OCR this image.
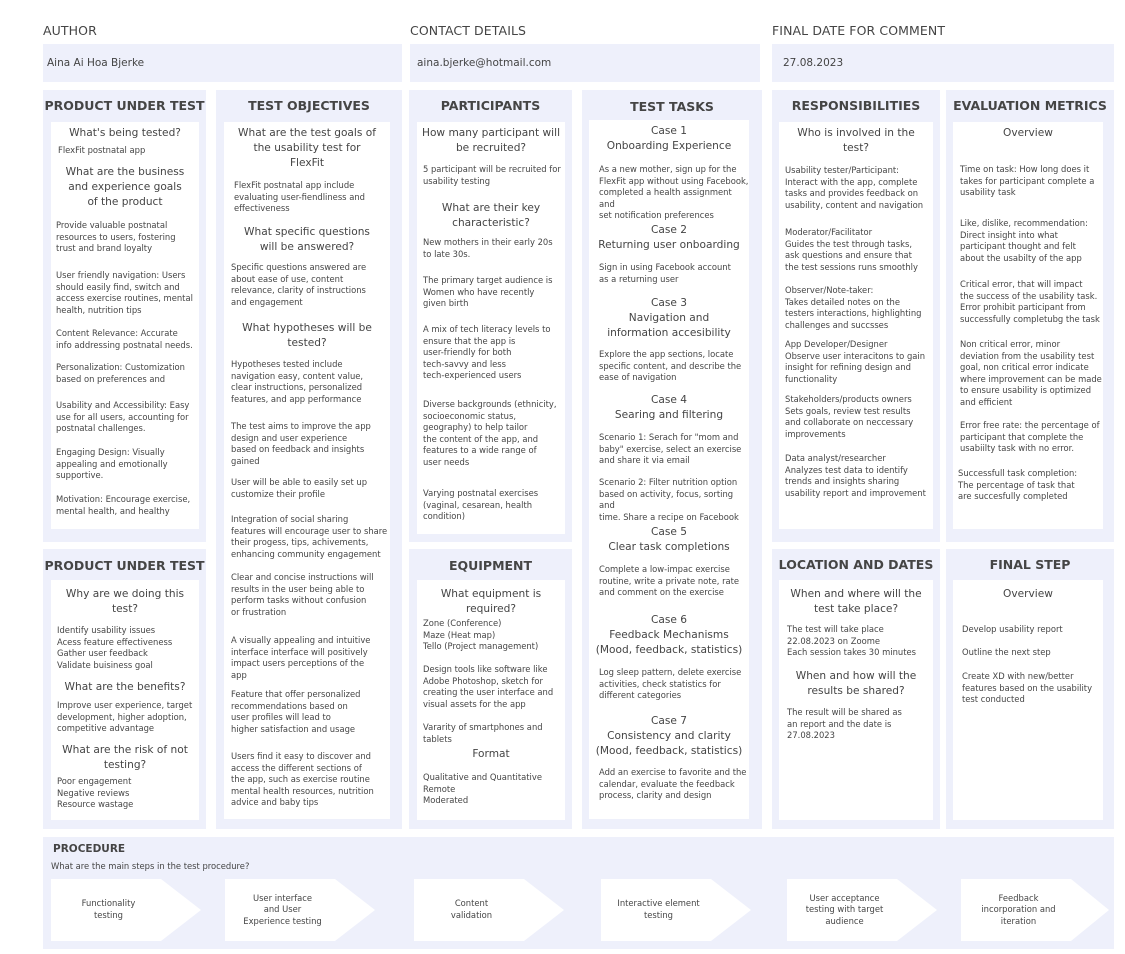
AUTHOR
Aina Ai Hoa Bjerke
CONTACT DETAILS
aina.bjerke@hotmail.com
FINAL DATE FOR COMMENT
27.08.2023
PRODUCT UNDER TEST
What's being tested?
FlexFit postnatal app
What are the business
and experience goals
of the product
Provide valuable postnatal
resources to users, fostering
trust and brand loyalty
User friendly navigation: Users
should easily find, switch and
access exercise routines, mental
health, nutrition tips
Content Relevance: Accurate
info addressing postnatal needs.
Personalization: Customization
based on preferences and
Usability and Accessibility: Easy
use for all users, accounting for
postnatal challenges.
Engaging Design: Visually
appealing and emotionally
supportive.
Motivation: Encourage exercise,
mental health, and healthy
PRODUCT UNDER TEST
Why are we doing this
test?
Identify usability issues
Acess feature effectiveness
Gather user feedback
Validate buisiness goal
What are the benefits?
Improve user experience, target
development, higher adoption,
competitive advantage
What are the risk of not
testing?
Poor engagement
Negative reviews
Resource wastage
TEST OBJECTIVES
What are the test goals of
the usability test for
FlexFit
FlexFit postnatal app include
evaluating user-fiendliness and
effectiveness
What specific questions
will be answered?
Specific questions answered are
about ease of use, content
relevance, clarity of instructions
and engagement
What hypotheses will be
tested?
Hypotheses tested include
navigation easy, content value,
clear instructions, personalized
features, and app performance
The test aims to improve the app
design and user experience
based on feedback and insights
gained
User will be able to easily set up
customize their profile
Integration of social sharing
features will encourage user to share
their progess, tips, achivements,
enhancing community engagement
Clear and concise instructions will
results in the user being able to
perform tasks without confusion
or frustration
A visually appealing and intuitive
interface interface will positively
impact users perceptions of the
app
Feature that offer personalized
recommendations based on
user profiles will lead to
higher satisfaction and usage
Users find it easy to discover and
access the different sections of
the app, such as exercise routine
mental health resources, nutrition
advice and baby tips
PARTICIPANTS
How many participant will
be recruited?
5 participant will be recruited for
usability testing
What are their key
characteristic?
New mothers in their early 20s
to late 30s.
The primary target audience is
Women who have recently
given birth
A mix of tech literacy levels to
ensure that the app is
user-friendly for both
tech-savvy and less
tech-experienced users
Diverse backgrounds (ethnicity,
socioeconomic status,
geography) to help tailor
the content of the app, and
features to a wide range of
user needs
Varying postnatal exercises
(vaginal, cesarean, health
condition)
EQUIPMENT
What equipment is
required?
Zone (Conference)
Maze (Heat map)
Tello (Project management)
Design tools like software like
Adobe Photoshop, sketch for
creating the user interface and
visual assets for the app
Vararity of smartphones and
tablets
Format
Qualitative and Quantitative
Remote
Moderated
TEST TASKS
Case 1
Onboarding Experience
As a new mother, sign up for the
FlexFit app without using Facebook,
completed a health assignment and
set notification preferences
Case 2
Returning user onboarding
Sign in using Facebook account
as a returning user
Case 3
Navigation and
information accesibility
Explore the app sections, locate
specific content, and describe the
ease of navigation
Case 4
Searing and filtering
Scenario 1: Serach for "mom and
baby" exercise, select an exercise
and share it via email
Scenario 2: Filter nutrition option
based on activity, focus, sorting and
time. Share a recipe on Facebook
Case 5
Clear task completions
Complete a low-impac exercise
routine, write a private note, rate
and comment on the exercise
Case 6
Feedback Mechanisms
(Mood, feedback, statistics)
Log sleep pattern, delete exercise
activities, check statistics for
different categories
Case 7
Consistency and clarity
(Mood, feedback, statistics)
Add an exercise to favorite and the
calendar, evaluate the feedback
process, clarity and design
RESPONSIBILITIES
Who is involved in the
test?
Usability tester/Participant:
Interact with the app, complete
tasks and provides feedback on
usability, content and navigation
Moderator/Facilitator
Guides the test through tasks,
ask questions and ensure that
the test sessions runs smoothly
Observer/Note-taker:
Takes detailed notes on the
testers interactions, highlighting
challenges and succsses
App Developer/Designer
Observe user interacitons to gain
insight for refining design and
functionality
Stakeholders/products owners
Sets goals, review test results
and collaborate on neccessary
improvements
Data analyst/researcher
Analyzes test data to identify
trends and insights sharing
usability report and improvement
LOCATION AND DATES
When and where will the
test take place?
The test will take place
22.08.2023 on Zoome
Each session takes 30 minutes
When and how will the
results be shared?
The result will be shared as
an report and the date is
27.08.2023
EVALUATION METRICS
Overview
Time on task: How long does it
takes for participant complete a
usability task
Like, dislike, recommendation:
Direct insight into what
participant thought and felt
about the usabilty of the app
Critical error, that will impact
the success of the usability task.
Error prohibit participant from
successfully completubg the task
Non critical error, minor
deviation from the usability test
goal, non critical error indicate
where improvement can be made
to ensure usability is optimized
and efficient
Error free rate: the percentage of
participant that complete the
usabiilty task with no error.
Successfull task completion:
The percentage of task that
are succesfully completed
FINAL STEP
Overview
Develop usability report
Outline the next step
Create XD with new/better
features based on the usability
test conducted
PROCEDURE
What are the main steps in the test procedure?
Functionality
testing
User interface
and User
Experience testing
Content
validation
Interactive element
testing
User acceptance
testing with target
audience
Feedback
incorporation and
iteration
